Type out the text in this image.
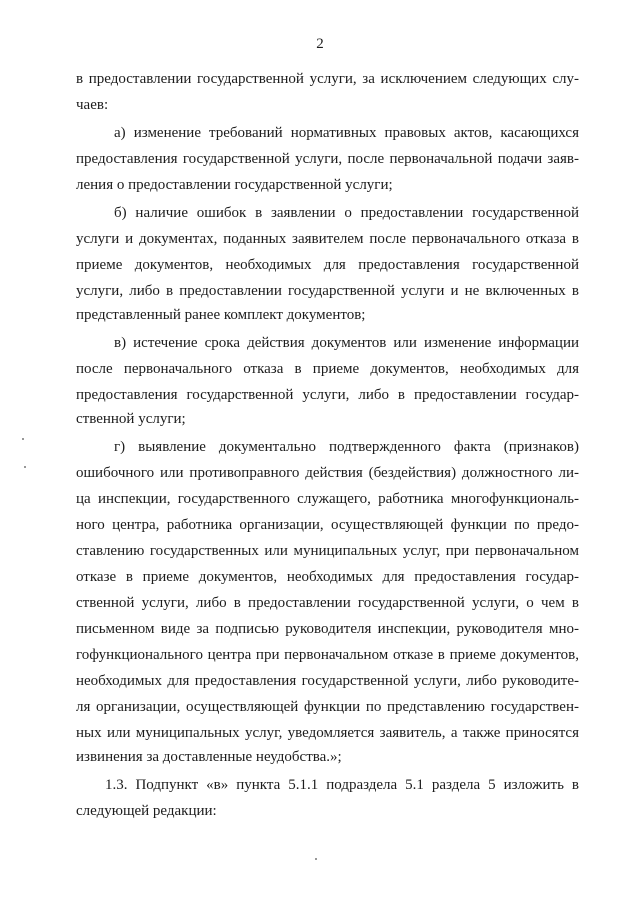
2
в предоставлении государственной услуги, за исключением следующих слу-
чаев:
а) изменение требований нормативных правовых актов, касающихся
предоставления государственной услуги, после первоначальной подачи заяв-
ления о предоставлении государственной услуги;
б) наличие ошибок в заявлении о предоставлении государственной
услуги и документах, поданных заявителем после первоначального отказа в
приеме документов, необходимых для предоставления государственной
услуги, либо в предоставлении государственной услуги и не включенных в
представленный ранее комплект документов;
в) истечение срока действия документов или изменение информации
после первоначального отказа в приеме документов, необходимых для
предоставления государственной услуги, либо в предоставлении государ-
ственной услуги;
г) выявление документально подтвержденного факта (признаков)
ошибочного или противоправного действия (бездействия) должностного ли-
ца инспекции, государственного служащего, работника многофункциональ-
ного центра, работника организации, осуществляющей функции по предо-
ставлению государственных или муниципальных услуг, при первоначальном
отказе в приеме документов, необходимых для предоставления государ-
ственной услуги, либо в предоставлении государственной услуги, о чем в
письменном виде за подписью руководителя инспекции, руководителя мно-
гофункционального центра при первоначальном отказе в приеме документов,
необходимых для предоставления государственной услуги, либо руководите-
ля организации, осуществляющей функции по представлению государствен-
ных или муниципальных услуг, уведомляется заявитель, а также приносятся
извинения за доставленные неудобства.»;
1.3. Подпункт «в» пункта 5.1.1 подраздела 5.1 раздела 5 изложить в
следующей редакции:
